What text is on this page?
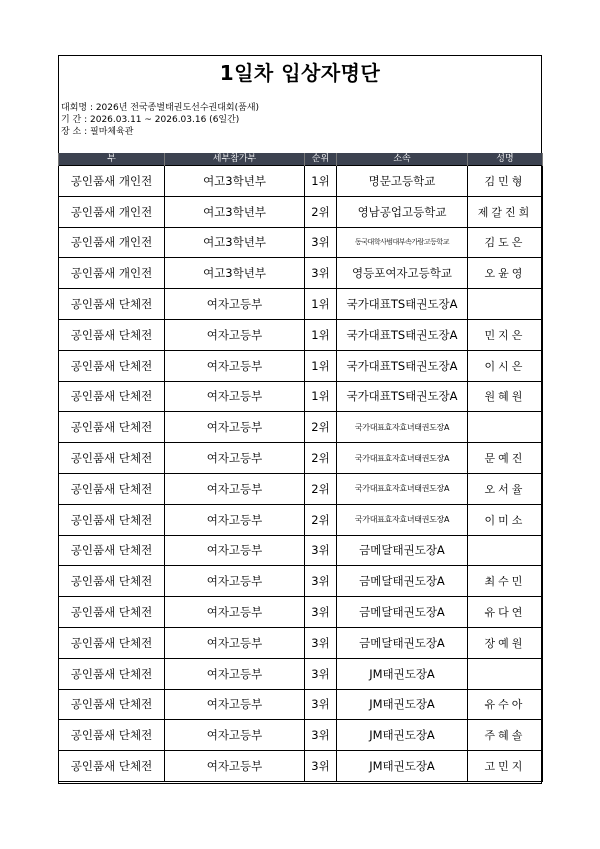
1일차 입상자명단
대회명 : 2026년 전국종별태권도선수권대회(품새)
기 간 : 2026.03.11 ~ 2026.03.16 (6일간)
장 소 : 필마체육관
부	세부참가부	순위	소속	성명
공인품새 개인전	여고3학년부	1위	명문고등학교	김민형
공인품새 개인전	여고3학년부	2위	영남공업고등학교	제갈진희
공인품새 개인전	여고3학년부	3위	동국대학사범대부속가람고등학교	김도은
공인품새 개인전	여고3학년부	3위	영등포여자고등학교	오윤영
공인품새 단체전	여자고등부	1위	국가대표TS태권도장A	
공인품새 단체전	여자고등부	1위	국가대표TS태권도장A	민지은
공인품새 단체전	여자고등부	1위	국가대표TS태권도장A	이시은
공인품새 단체전	여자고등부	1위	국가대표TS태권도장A	원혜원
공인품새 단체전	여자고등부	2위	국가대표효자효녀태권도장A	
공인품새 단체전	여자고등부	2위	국가대표효자효녀태권도장A	문예진
공인품새 단체전	여자고등부	2위	국가대표효자효녀태권도장A	오서율
공인품새 단체전	여자고등부	2위	국가대표효자효녀태권도장A	이미소
공인품새 단체전	여자고등부	3위	금메달태권도장A	
공인품새 단체전	여자고등부	3위	금메달태권도장A	최수민
공인품새 단체전	여자고등부	3위	금메달태권도장A	유다연
공인품새 단체전	여자고등부	3위	금메달태권도장A	장예원
공인품새 단체전	여자고등부	3위	JM태권도장A	
공인품새 단체전	여자고등부	3위	JM태권도장A	유수아
공인품새 단체전	여자고등부	3위	JM태권도장A	주혜솔
공인품새 단체전	여자고등부	3위	JM태권도장A	고민지
